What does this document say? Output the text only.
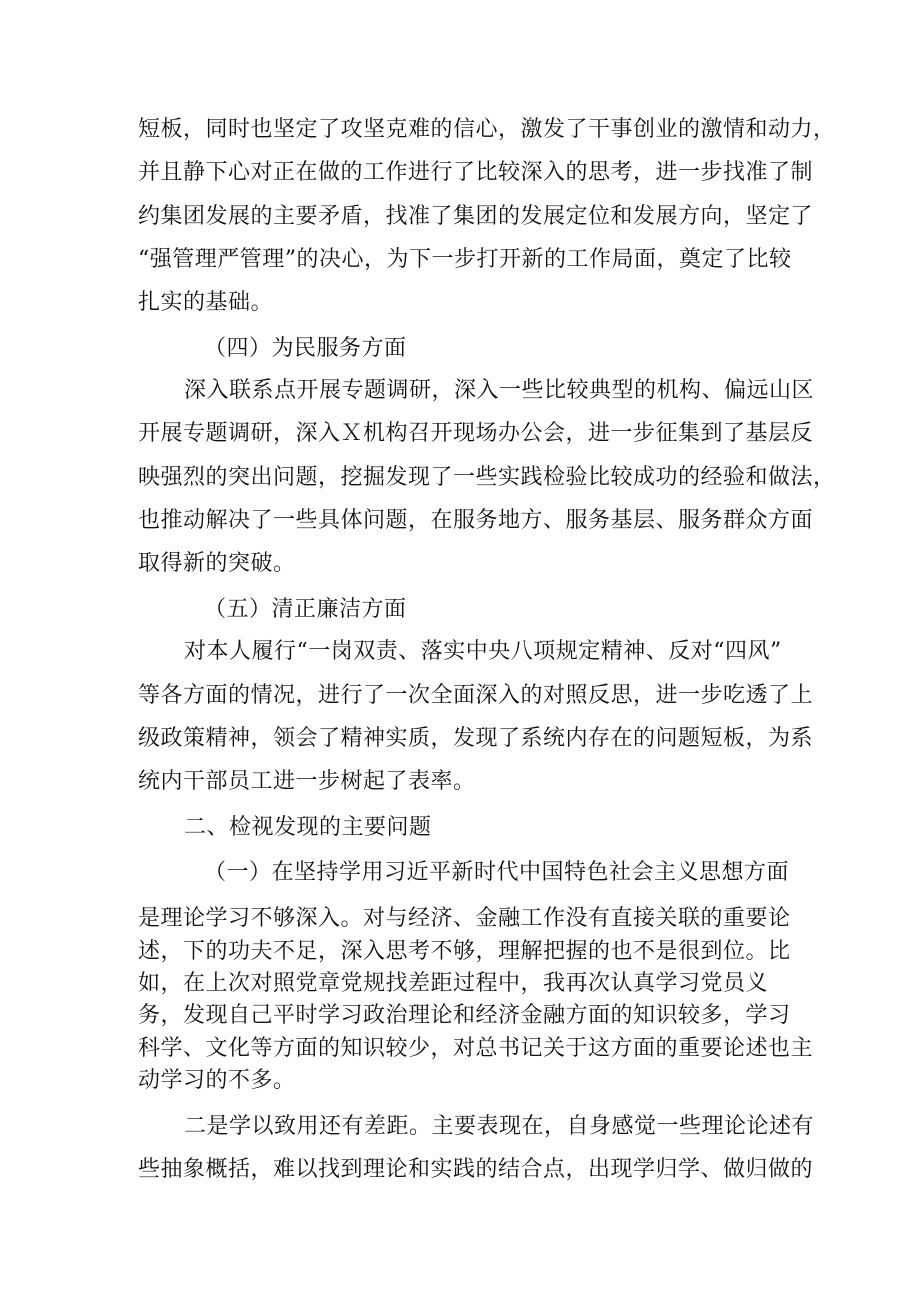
短板，同时也坚定了攻坚克难的信心，激发了干事创业的激情和动力，
并且静下心对正在做的工作进行了比较深入的思考，进一步找准了制
约集团发展的主要矛盾，找准了集团的发展定位和发展方向，坚定了
“强管理严管理”的决心，为下一步打开新的工作局面，奠定了比较
扎实的基础。
（四）为民服务方面
深入联系点开展专题调研，深入一些比较典型的机构、偏远山区
开展专题调研，深入Ｘ机构召开现场办公会，进一步征集到了基层反
映强烈的突出问题，挖掘发现了一些实践检验比较成功的经验和做法，
也推动解决了一些具体问题，在服务地方、服务基层、服务群众方面
取得新的突破。
（五）清正廉洁方面
对本人履行“一岗双责、落实中央八项规定精神、反对“四风”
等各方面的情况，进行了一次全面深入的对照反思，进一步吃透了上
级政策精神，领会了精神实质，发现了系统内存在的问题短板，为系
统内干部员工进一步树起了表率。
二、检视发现的主要问题
（一）在坚持学用习近平新时代中国特色社会主义思想方面
是理论学习不够深入。对与经济、金融工作没有直接关联的重要论
述，下的功夫不足，深入思考不够，理解把握的也不是很到位。比
如，在上次对照党章党规找差距过程中，我再次认真学习党员义
务，发现自己平时学习政治理论和经济金融方面的知识较多，学习
科学、文化等方面的知识较少，对总书记关于这方面的重要论述也主
动学习的不多。
二是学以致用还有差距。主要表现在，自身感觉一些理论论述有
些抽象概括，难以找到理论和实践的结合点，出现学归学、做归做的
